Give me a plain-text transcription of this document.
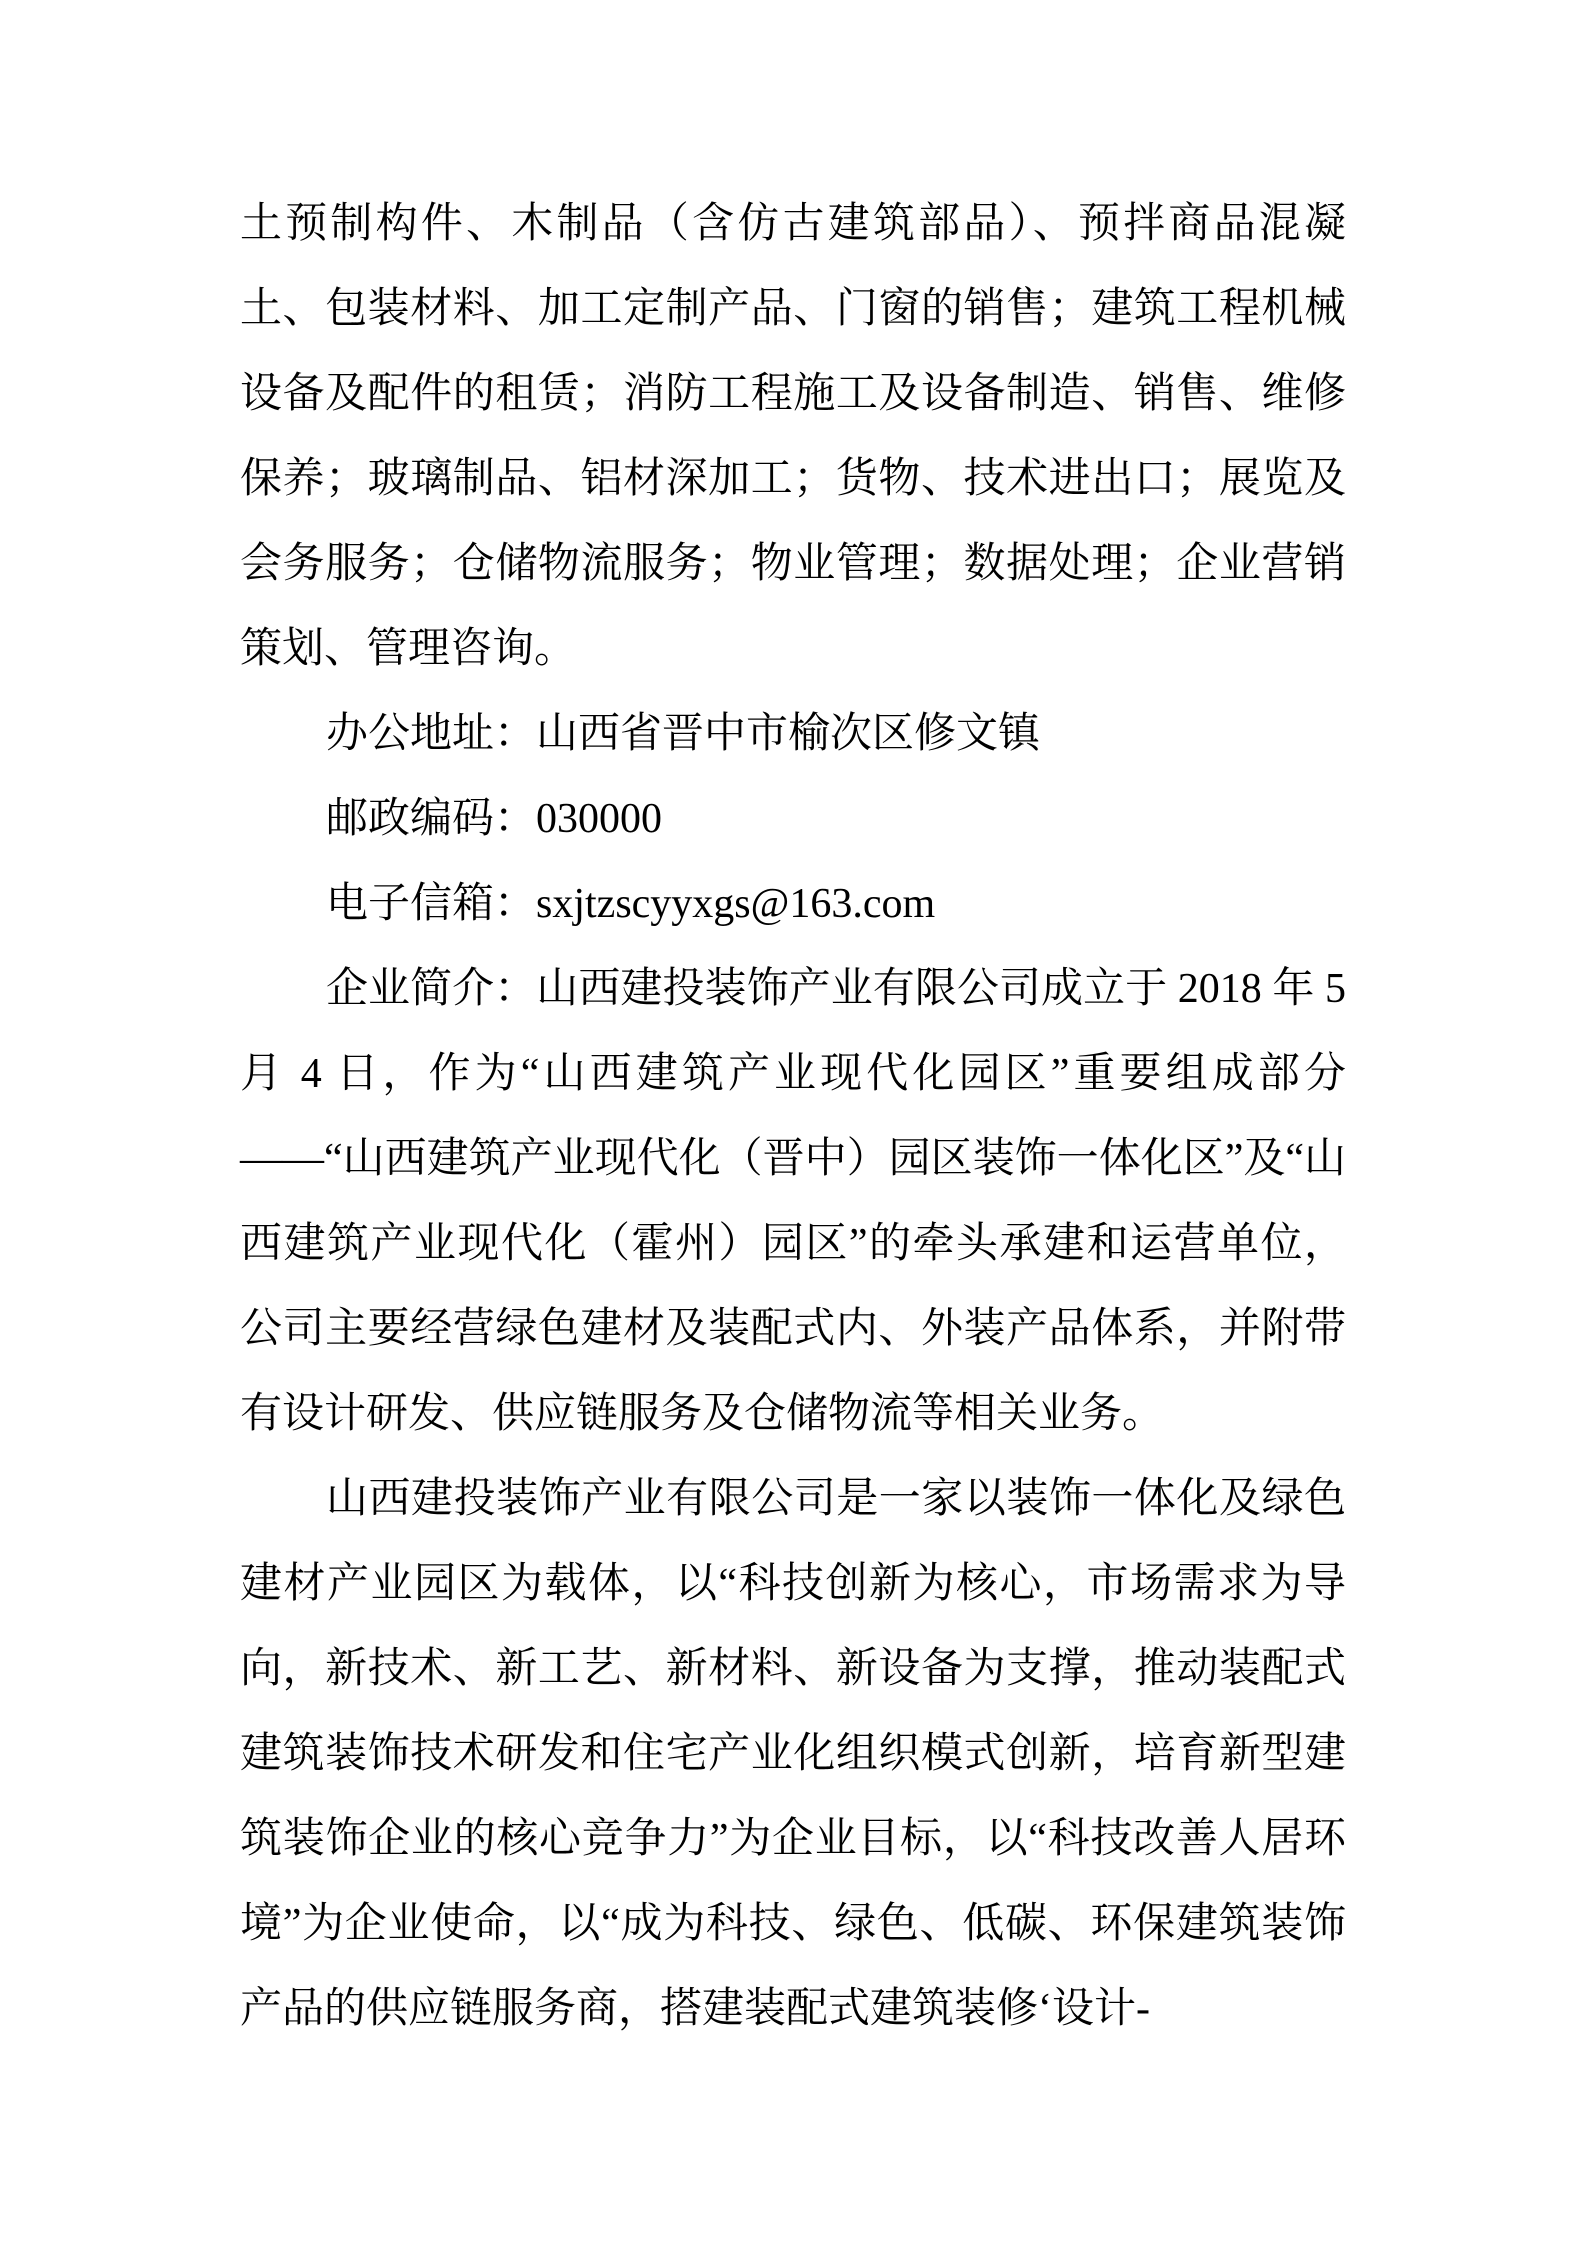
土预制构件、木制品（含仿古建筑部品）、预拌商品混凝土、包装材料、加工定制产品、门窗的销售；建筑工程机械设备及配件的租赁；消防工程施工及设备制造、销售、维修保养；玻璃制品、铝材深加工；货物、技术进出口；展览及会务服务；仓储物流服务；物业管理；数据处理；企业营销策划、管理咨询。

办公地址：山西省晋中市榆次区修文镇

邮政编码：030000

电子信箱：sxjtzscyyxgs@163.com

企业简介：山西建投装饰产业有限公司成立于 2018 年 5 月 4 日，作为“山西建筑产业现代化园区”重要组成部分——“山西建筑产业现代化（晋中）园区装饰一体化区”及“山西建筑产业现代化（霍州）园区”的牵头承建和运营单位，公司主要经营绿色建材及装配式内、外装产品体系，并附带有设计研发、供应链服务及仓储物流等相关业务。

山西建投装饰产业有限公司是一家以装饰一体化及绿色建材产业园区为载体，以“科技创新为核心，市场需求为导向，新技术、新工艺、新材料、新设备为支撑，推动装配式建筑装饰技术研发和住宅产业化组织模式创新，培育新型建筑装饰企业的核心竞争力”为企业目标，以“科技改善人居环境”为企业使命，以“成为科技、绿色、低碳、环保建筑装饰产品的供应链服务商，搭建装配式建筑装修‘设计-
